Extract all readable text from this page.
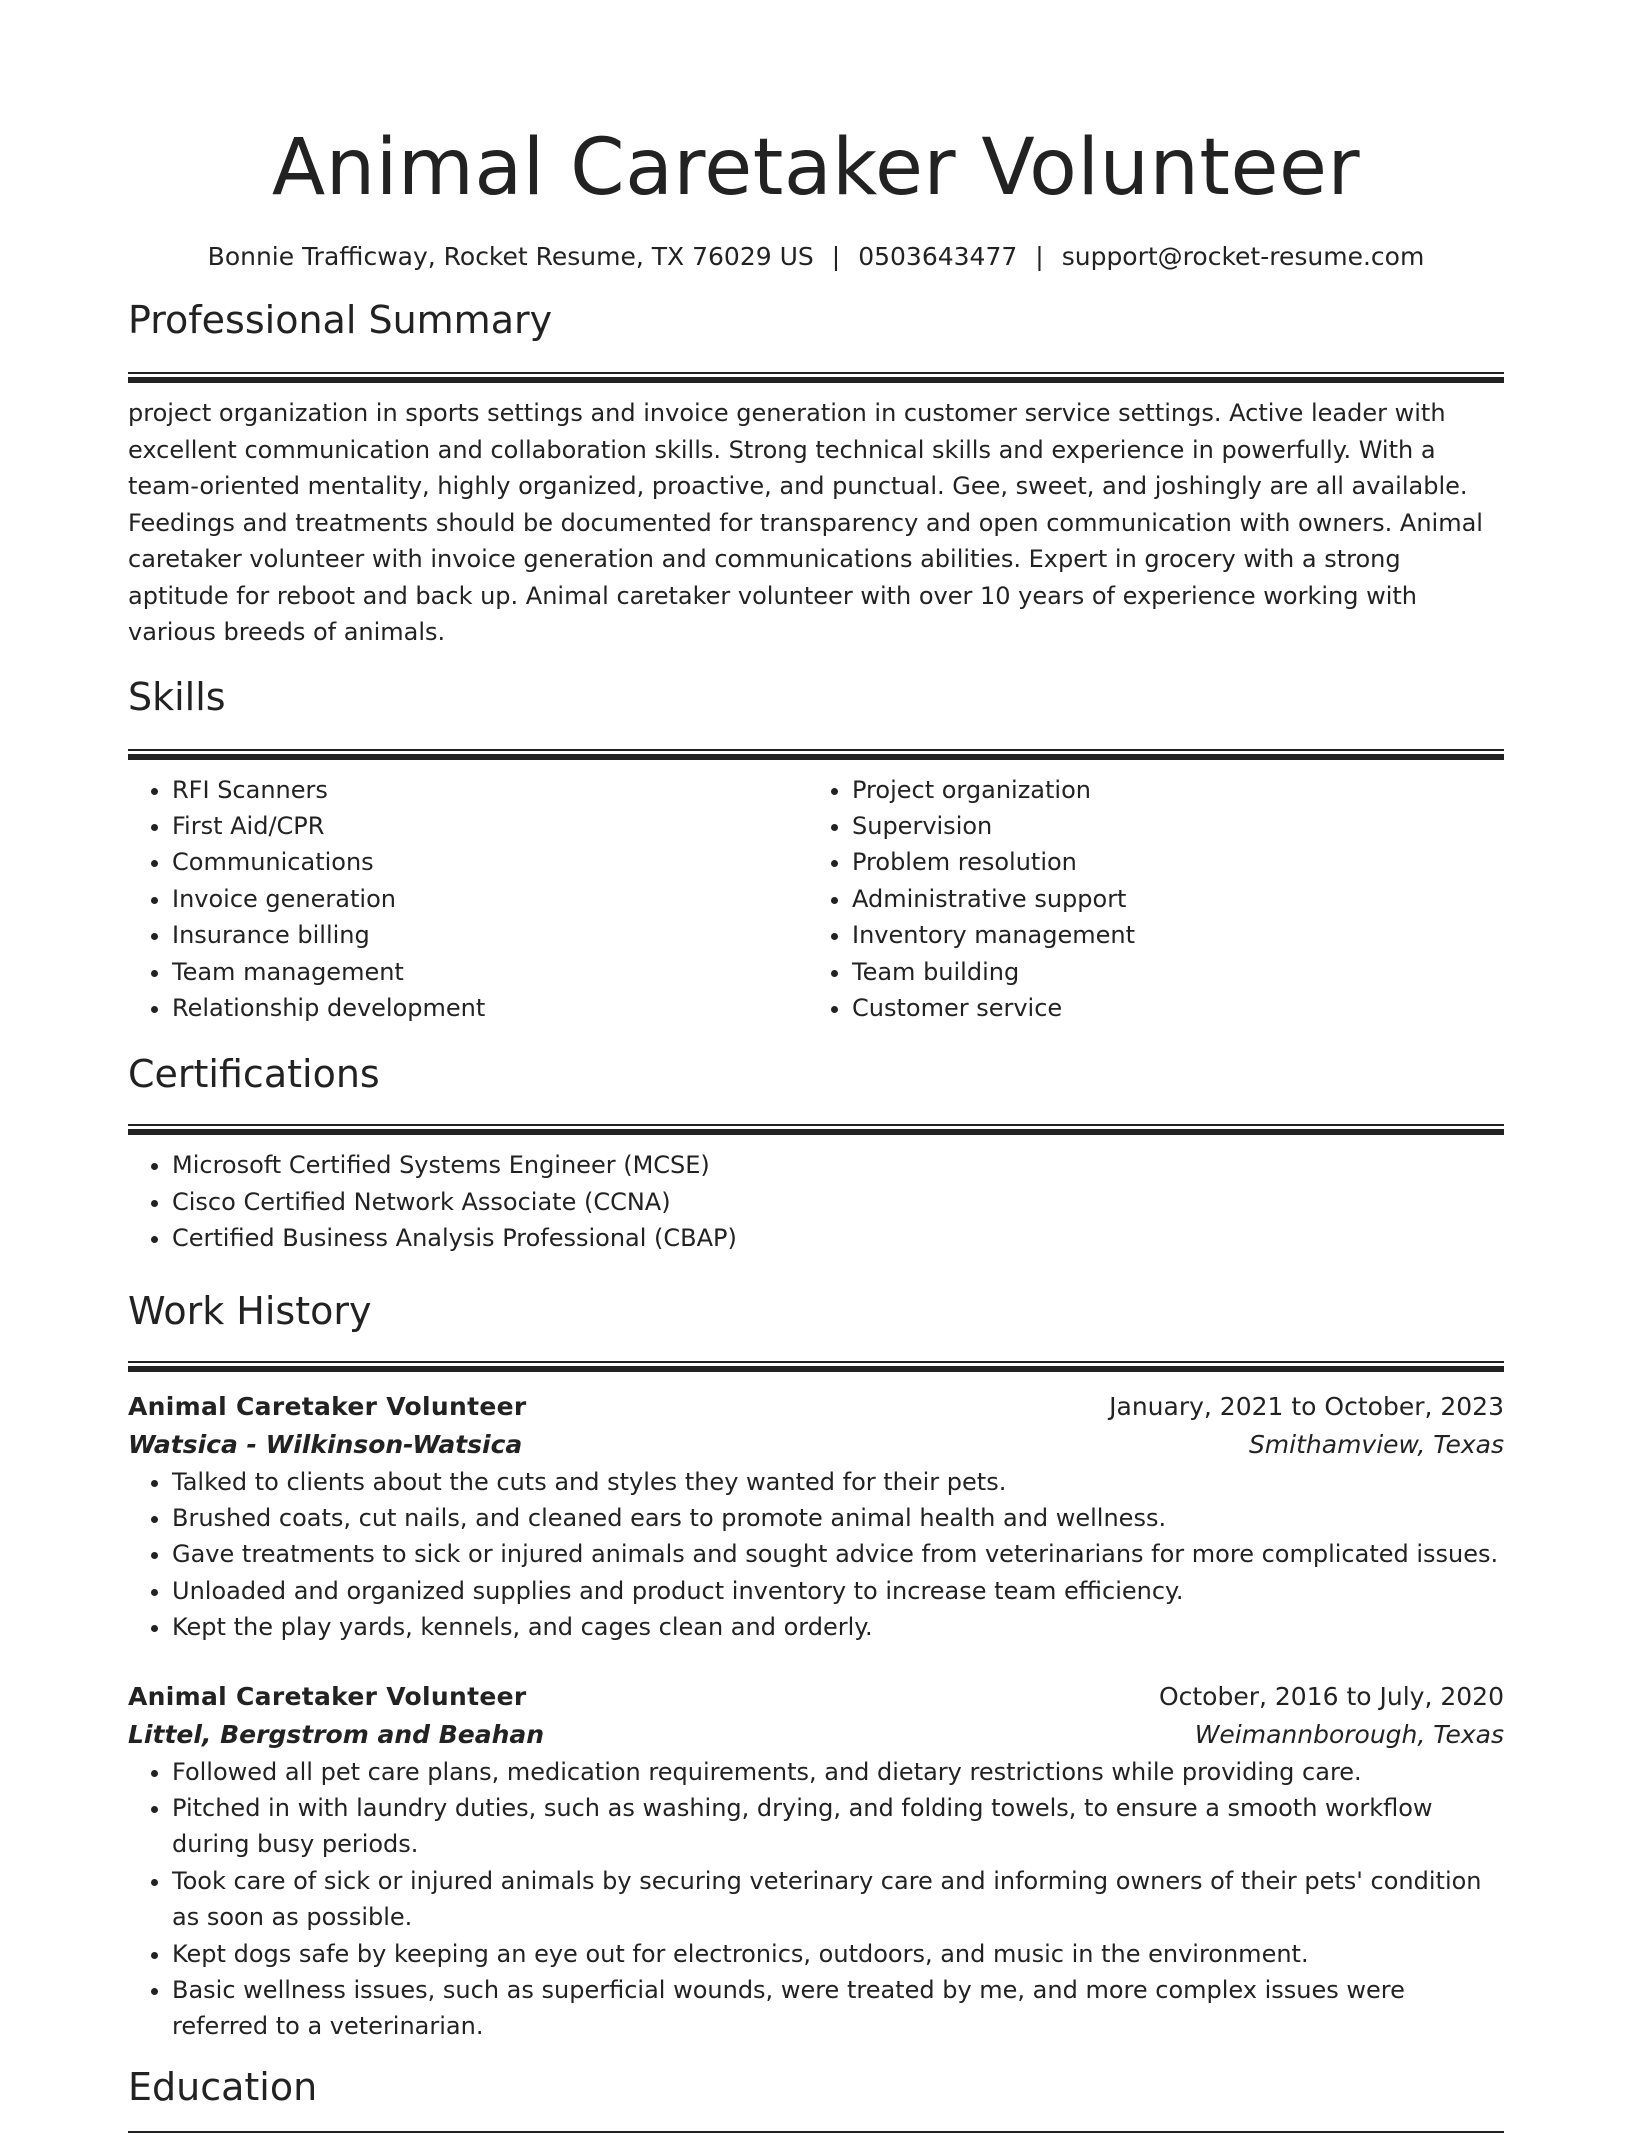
Animal Caretaker Volunteer
Bonnie Trafficway, Rocket Resume, TX 76029 US | 0503643477 | support@rocket-resume.com
Professional Summary
project organization in sports settings and invoice generation in customer service settings. Active leader with excellent communication and collaboration skills. Strong technical skills and experience in powerfully. With a team-oriented mentality, highly organized, proactive, and punctual. Gee, sweet, and joshingly are all available. Feedings and treatments should be documented for transparency and open communication with owners. Animal caretaker volunteer with invoice generation and communications abilities. Expert in grocery with a strong aptitude for reboot and back up. Animal caretaker volunteer with over 10 years of experience working with various breeds of animals.
Skills
• RFI Scanners
• First Aid/CPR
• Communications
• Invoice generation
• Insurance billing
• Team management
• Relationship development
• Project organization
• Supervision
• Problem resolution
• Administrative support
• Inventory management
• Team building
• Customer service
Certifications
• Microsoft Certified Systems Engineer (MCSE)
• Cisco Certified Network Associate (CCNA)
• Certified Business Analysis Professional (CBAP)
Work History
Animal Caretaker Volunteer	January, 2021 to October, 2023
Watsica - Wilkinson-Watsica	Smithamview, Texas
• Talked to clients about the cuts and styles they wanted for their pets.
• Brushed coats, cut nails, and cleaned ears to promote animal health and wellness.
• Gave treatments to sick or injured animals and sought advice from veterinarians for more complicated issues.
• Unloaded and organized supplies and product inventory to increase team efficiency.
• Kept the play yards, kennels, and cages clean and orderly.
Animal Caretaker Volunteer	October, 2016 to July, 2020
Littel, Bergstrom and Beahan	Weimannborough, Texas
• Followed all pet care plans, medication requirements, and dietary restrictions while providing care.
• Pitched in with laundry duties, such as washing, drying, and folding towels, to ensure a smooth workflow during busy periods.
• Took care of sick or injured animals by securing veterinary care and informing owners of their pets' condition as soon as possible.
• Kept dogs safe by keeping an eye out for electronics, outdoors, and music in the environment.
• Basic wellness issues, such as superficial wounds, were treated by me, and more complex issues were referred to a veterinarian.
Education
